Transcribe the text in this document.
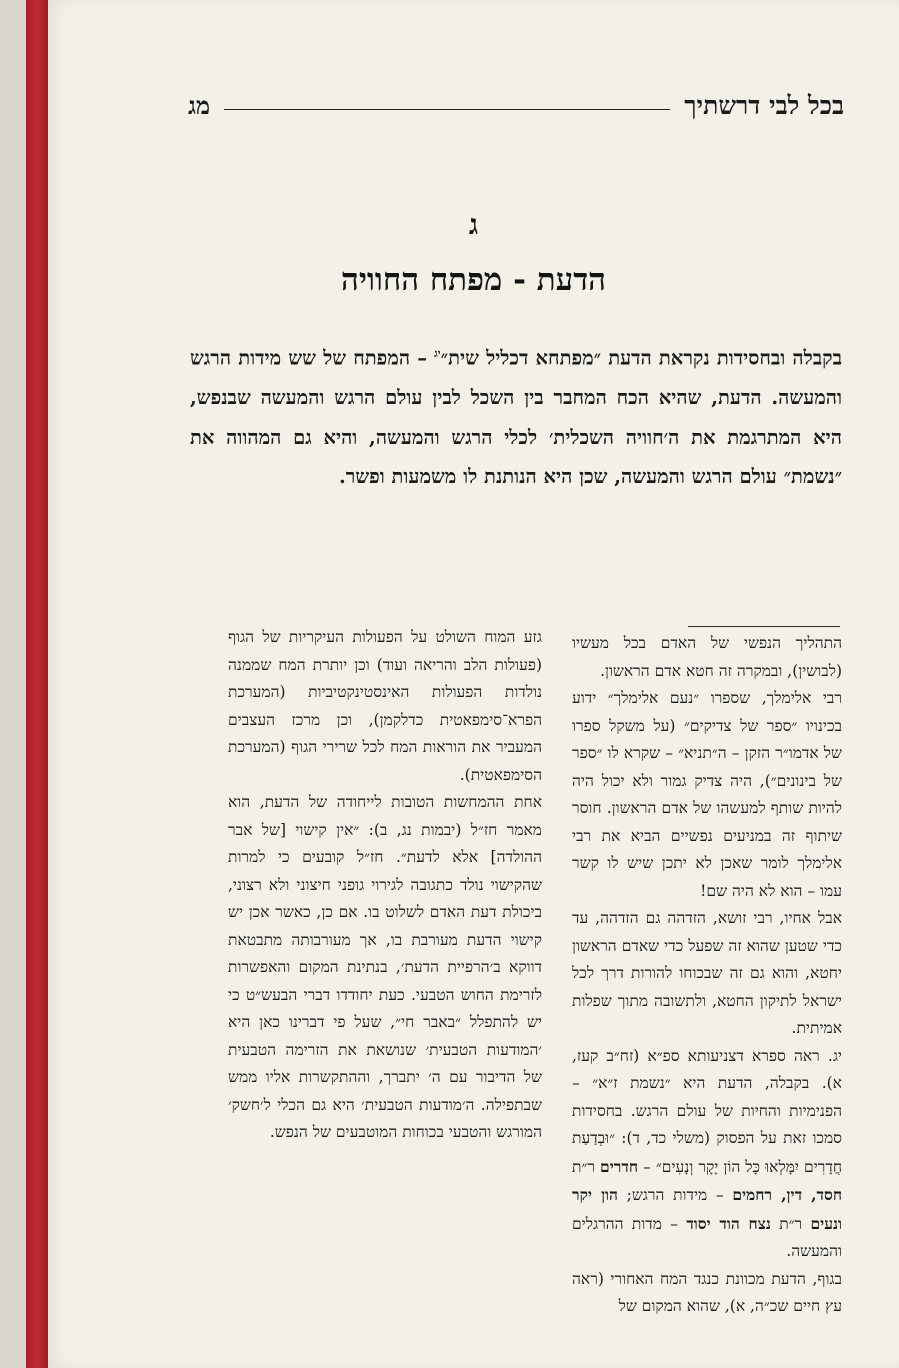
בכל לבי דרשתיך
מג
ג
הדעת - מפתח החוויה

בקבלה ובחסידות נקראת הדעת ״מפתחא דכליל שית״$^{יג}$ – המפתח של שש מידות הרגש והמעשה. הדעת, שהיא הכח המחבר בין השכל לבין עולם הרגש והמעשה שבנפש, היא המתרגמת את ה׳חוויה השכלית׳ לכלי הרגש והמעשה, והיא גם המהווה את ״נשמת״ עולם הרגש והמעשה, שכן היא הנותנת לו משמעות ופשר.

התהליך הנפשי של האדם בכל מעשיו (לבושין), ובמקרה זה חטא אדם הראשון.

רבי אלימלך, שספרו ״נעם אלימלך״ ידוע בכינויו ״ספר של צדיקים״ (על משקל ספרו של אדמו״ר הזקן – ה״תניא״ – שקרא לו ״ספר של בינונים״), היה צדיק גמור ולא יכול היה להיות שותף למעשהו של אדם הראשון. חוסר שיתוף זה במניעים נפשיים הביא את רבי אלימלך לומר שאכן לא יתכן שיש לו קשר עמו – הוא לא היה שם!

אבל אחיו, רבי זושא, הזדהה גם הזדהה, עד כדי שטען שהוא זה שפעל כדי שאדם הראשון יחטא, והוא גם זה שבכוחו להורות דרך לכל ישראל לתיקון החטא, ולתשובה מתוך שפלות אמיתית.

יג. ראה ספרא דצניעותא ספ״א (זח״ב קעז, א). בקבלה, הדעת היא ״נשמת ז״א״ – הפנימיות והחיות של עולם הרגש. בחסידות סמכו זאת על הפסוק (משלי כד, ד): ״וּבְדַעַת חֲדָרִים יִמָּלְאוּ כָּל הוֹן יָקָר וְנָעִים״ – חדרים ר״ת חסד, דין, רחמים – מידות הרגש; הון יקר ונעים ר״ת נצח הוד יסוד – מדות ההרגלים והמעשה.

בגוף, הדעת מכוונת כנגד המח האחורי (ראה עץ חיים שכ״ה, א), שהוא המקום של

גזע המוח השולט על הפעולות העיקריות של הגוף (פעולות הלב והריאה ועוד) וכן יותרת המח שממנה נולדות הפעולות האינסטינקטיביות (המערכת הפרא־סימפאטית כדלקמן), וכן מרכז העצבים המעביר את הוראות המח לכל שרירי הגוף (המערכת הסימפאטית).

אחת ההמחשות הטובות לייחודה של הדעת, הוא מאמר חז״ל (יבמות נג, ב): ״אין קישוי [של אבר ההולדה] אלא לדעת״. חז״ל קובעים כי למרות שהקישוי נולד כתגובה לגירוי גופני חיצוני ולא רצוני, ביכולת דעת האדם לשלוט בו. אם כן, כאשר אכן יש קישוי הדעת מעורבת בו, אך מעורבותה מתבטאת דווקא ב׳הרפיית הדעת׳, בנתינת המקום והאפשרות לזרימת החוש הטבעי. כעת יחודדו דברי הבעש״ט כי יש להתפלל ״באבר חי״, שעל פי דברינו כאן היא ׳המודעות הטבעית׳ שנושאת את הזרימה הטבעית של הדיבור עם ה׳ יתברך, וההתקשרות אליו ממש שבתפילה. ה׳מודעות הטבעית׳ היא גם הכלי ל׳חשק׳ המורגש והטבעי בכוחות המוטבעים של הנפש.
